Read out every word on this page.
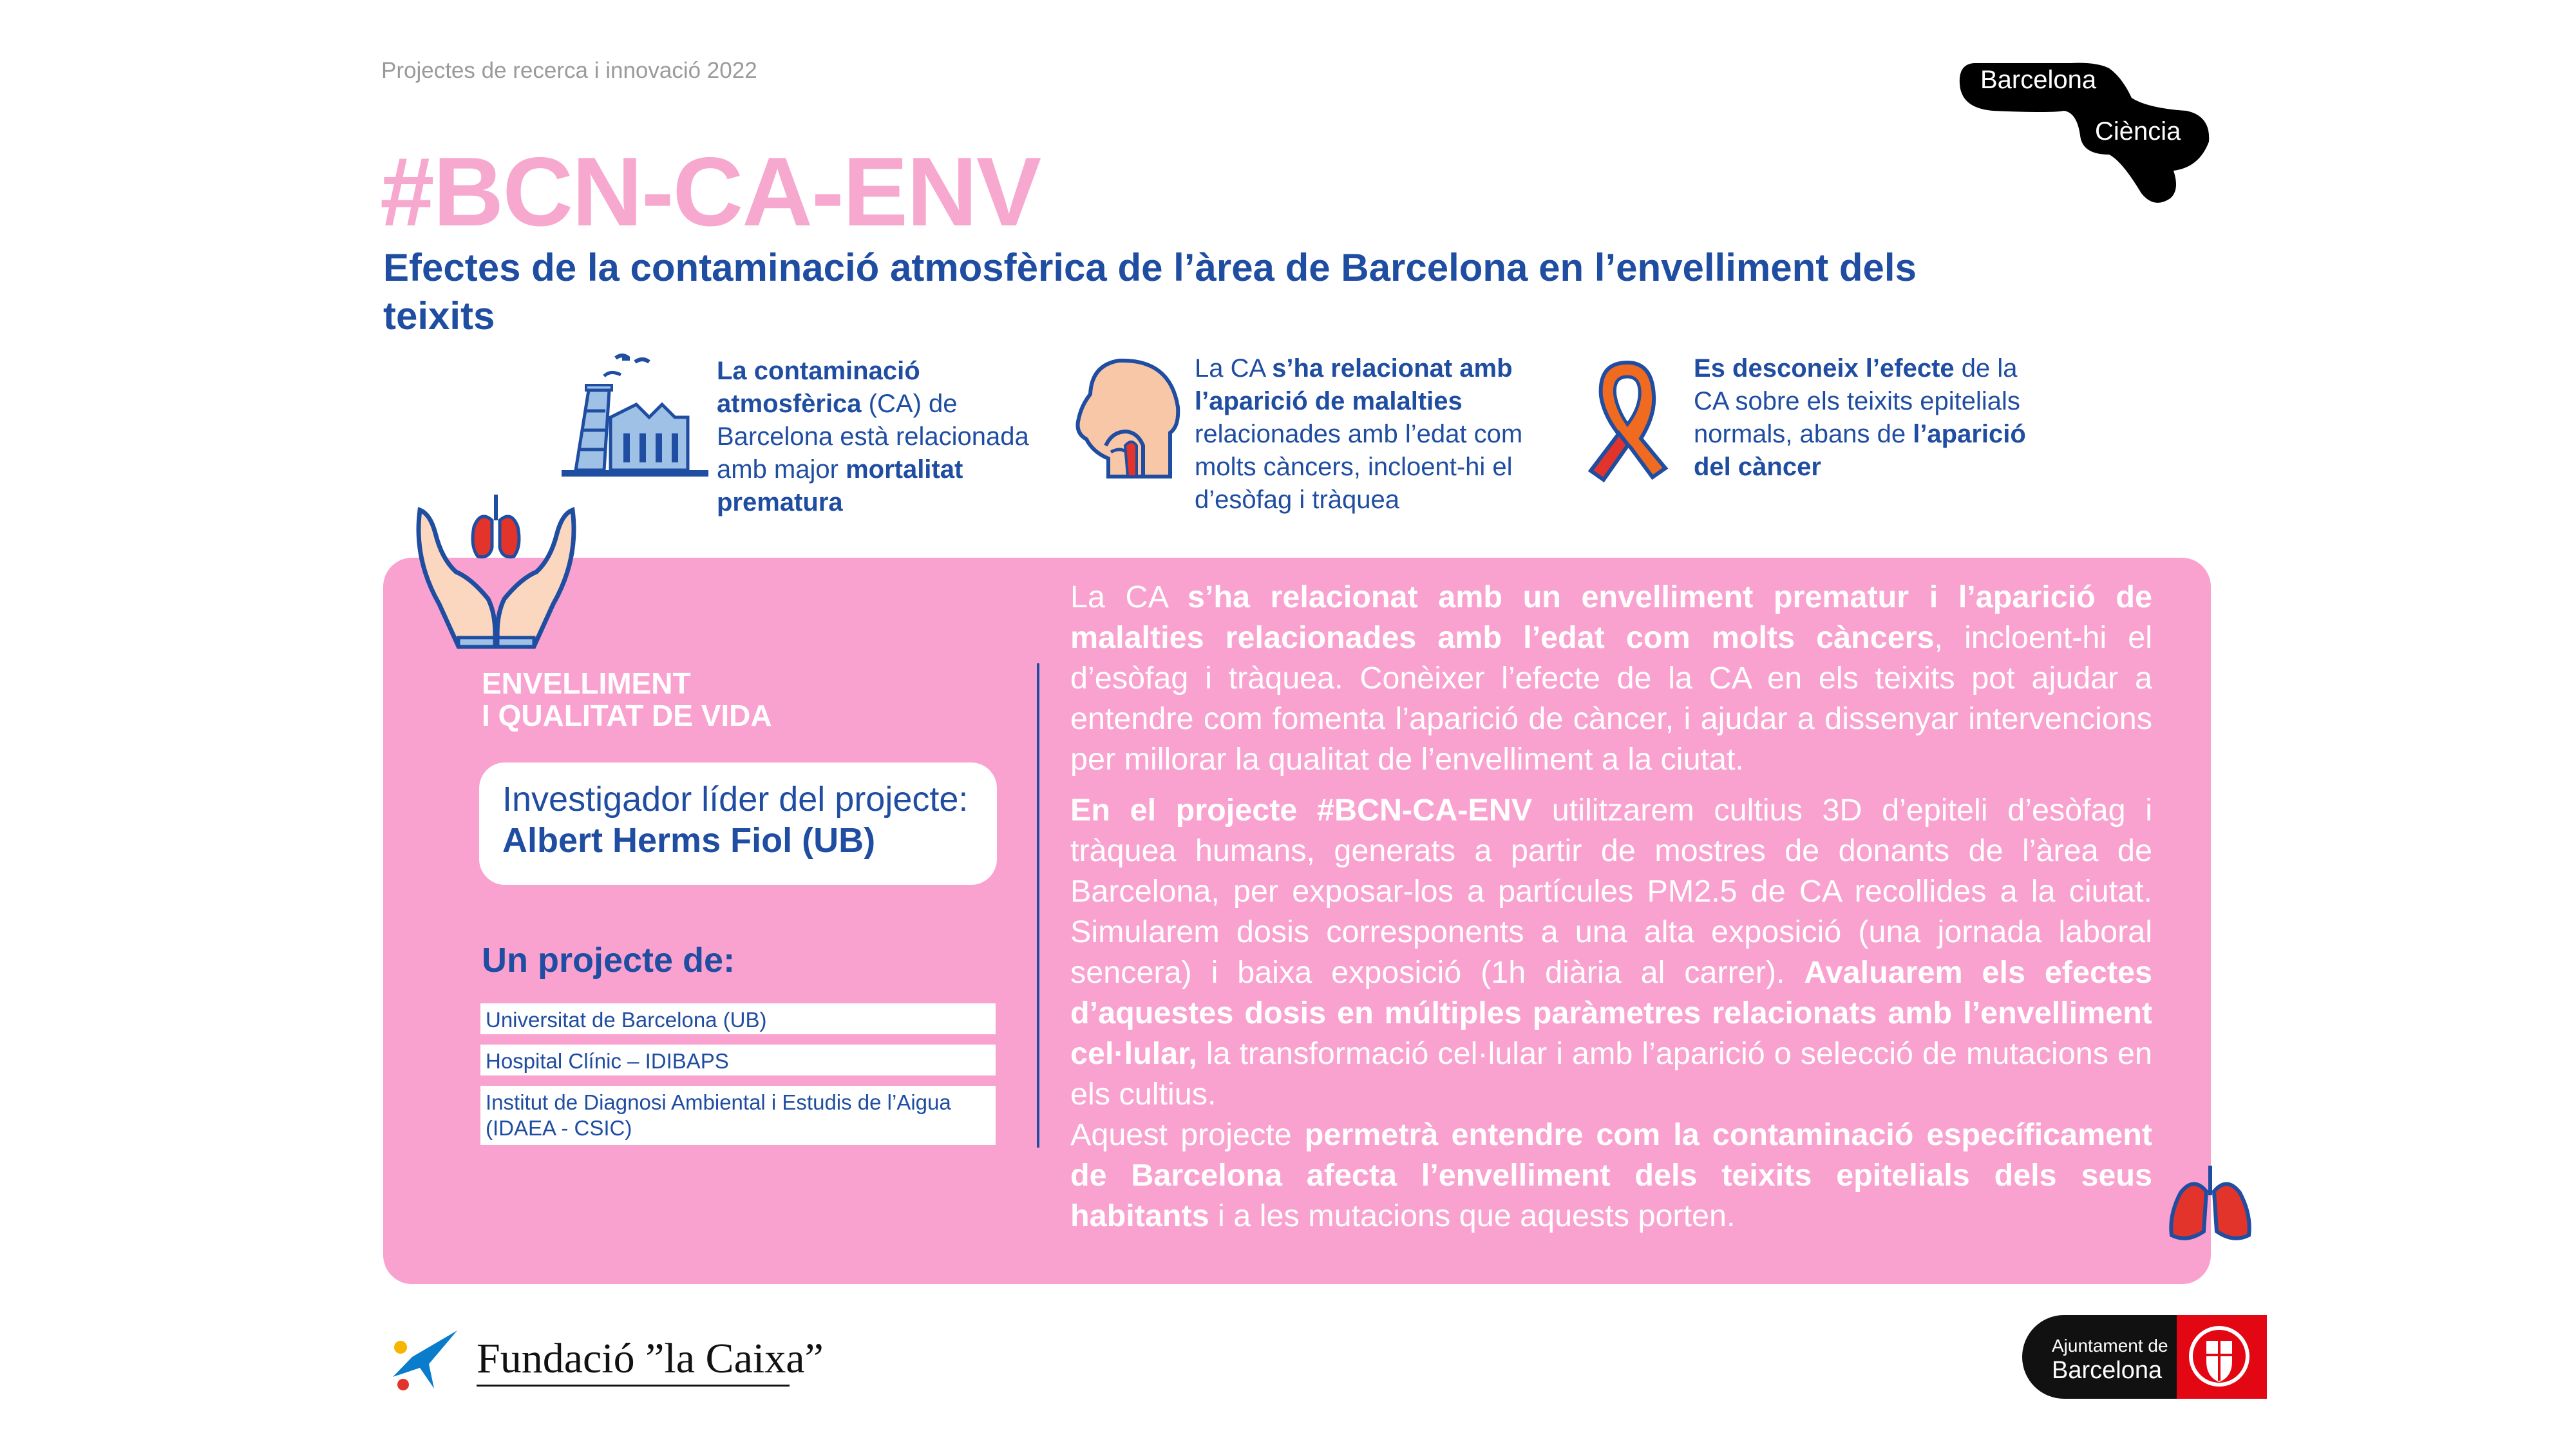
Projectes de recerca i innovació 2022
#BCN-CA-ENV
Efectes de la contaminació atmosfèrica de l’àrea de Barcelona en l’envelliment dels teixits
Barcelona
Ciència
La contaminació atmosfèrica (CA) de Barcelona està relacionada amb major mortalitat prematura
La CA s’ha relacionat amb l’aparició de malalties relacionades amb l’edat com molts càncers, incloent-hi el d’esòfag i tràquea
Es desconeix l’efecte de la CA sobre els teixits epitelials normals, abans de l’aparició del càncer
ENVELLIMENT
I QUALITAT DE VIDA
Investigador líder del projecte:
Albert Herms Fiol (UB)
Un projecte de:
Universitat de Barcelona (UB)
Hospital Clínic – IDIBAPS
Institut de Diagnosi Ambiental i Estudis de l’Aigua (IDAEA - CSIC)

La CA s’ha relacionat amb un envelliment prematur i l’aparició de malalties relacionades amb l’edat com molts càncers, incloent-hi el d’esòfag i tràquea. Conèixer l’efecte de la CA en els teixits pot ajudar a entendre com fomenta l’aparició de càncer, i ajudar a dissenyar intervencions per millorar la qualitat de l’envelliment a la ciutat.

En el projecte #BCN-CA-ENV utilitzarem cultius 3D d’epiteli d’esòfag i tràquea humans, generats a partir de mostres de donants de l’àrea de Barcelona, per exposar-los a partícules PM2.5 de CA recollides a la ciutat. Simularem dosis corresponents a una alta exposició (una jornada laboral sencera) i baixa exposició (1h diària al carrer). Avaluarem els efectes d’aquestes dosis en múltiples paràmetres relacionats amb l’envelliment cel·lular, la transformació cel·lular i amb l’aparició o selecció de mutacions en els cultius.

Aquest projecte permetrà entendre com la contaminació específicament de Barcelona afecta l’envelliment dels teixits epitelials dels seus habitants i a les mutacions que aquests porten.

Fundació ”la Caixa”	Ajuntament de
Barcelona
